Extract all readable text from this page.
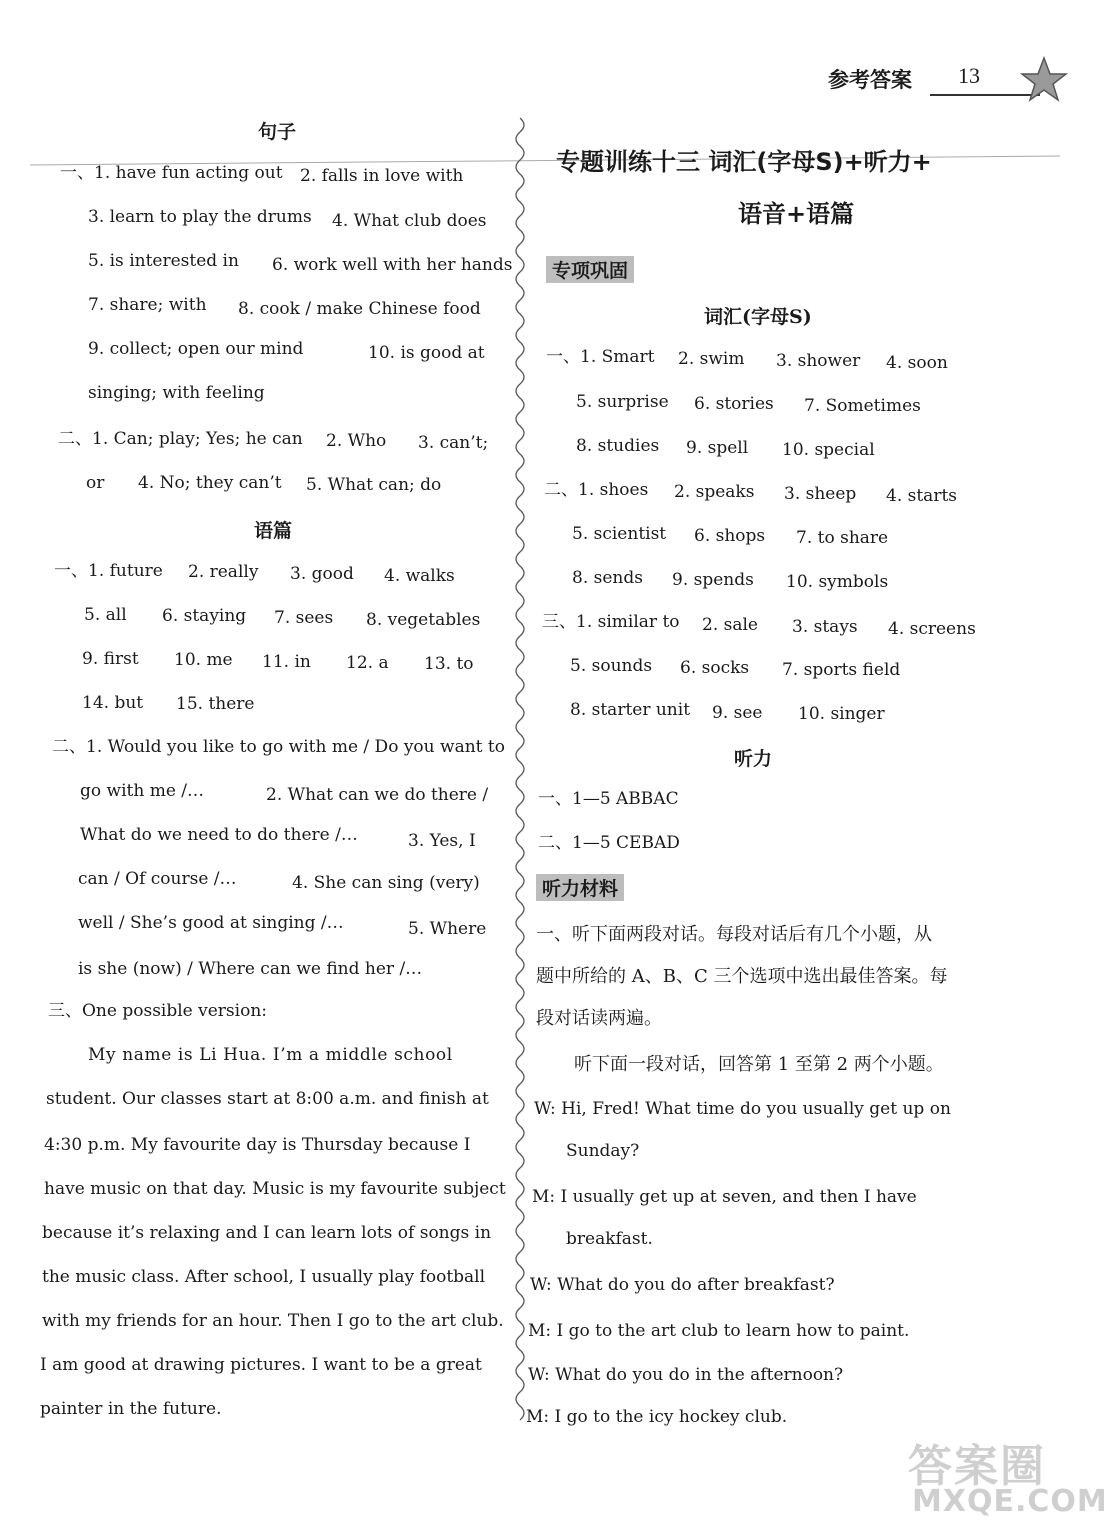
参考答案 13
句子
一、1. have fun acting out 2. falls in love with
3. learn to play the drums 4. What club does
5. is interested in 6. work well with her hands
7. share; with 8. cook / make Chinese food
9. collect; open our mind	10. is good at
singing; with feeling
二、1. Can; play; Yes; he can 2. Who 3. can’t;
or 4. No; they can’t 5. What can; do
语篇
一、1. future 2. really 3. good 4. walks
5. all 6. staying 7. sees 8. vegetables
9. first 10. me 11. in 12. a 13. to
14. but 15. there
二、1. Would you like to go with me / Do you want to
go with me /…	2. What can we do there /
What do we need to do there /…	3. Yes, I
can / Of course /…	4. She can sing (very)
well / She’s good at singing /…	5. Where
is she (now) / Where can we find her /…
三、One possible version:
My name is Li Hua. I’m a middle school
student. Our classes start at 8:00 a.m. and finish at
4:30 p.m. My favourite day is Thursday because I
have music on that day. Music is my favourite subject
because it’s relaxing and I can learn lots of songs in
the music class. After school, I usually play football
with my friends for an hour. Then I go to the art club.
I am good at drawing pictures. I want to be a great
painter in the future.
专题训练十三 词汇(字母S)+听力+
语音+语篇
专项巩固
词汇(字母S)
一、1. Smart 2. swim 3. shower 4. soon
5. surprise 6. stories 7. Sometimes
8. studies 9. spell 10. special
二、1. shoes 2. speaks 3. sheep 4. starts
5. scientist 6. shops 7. to share
8. sends 9. spends 10. symbols
三、1. similar to 2. sale 3. stays 4. screens
5. sounds 6. socks 7. sports field
8. starter unit 9. see 10. singer
听力
一、1—5 ABBAC
二、1—5 CEBAD
听力材料
一、听下面两段对话。每段对话后有几个小题，从
题中所给的 A、B、C 三个选项中选出最佳答案。每
段对话读两遍。
听下面一段对话，回答第 1 至第 2 两个小题。
W: Hi, Fred! What time do you usually get up on
Sunday?
M: I usually get up at seven, and then I have
breakfast.
W: What do you do after breakfast?
M: I go to the art club to learn how to paint.
W: What do you do in the afternoon?
M: I go to the icy hockey club.
答案圈
MXQE.COM
